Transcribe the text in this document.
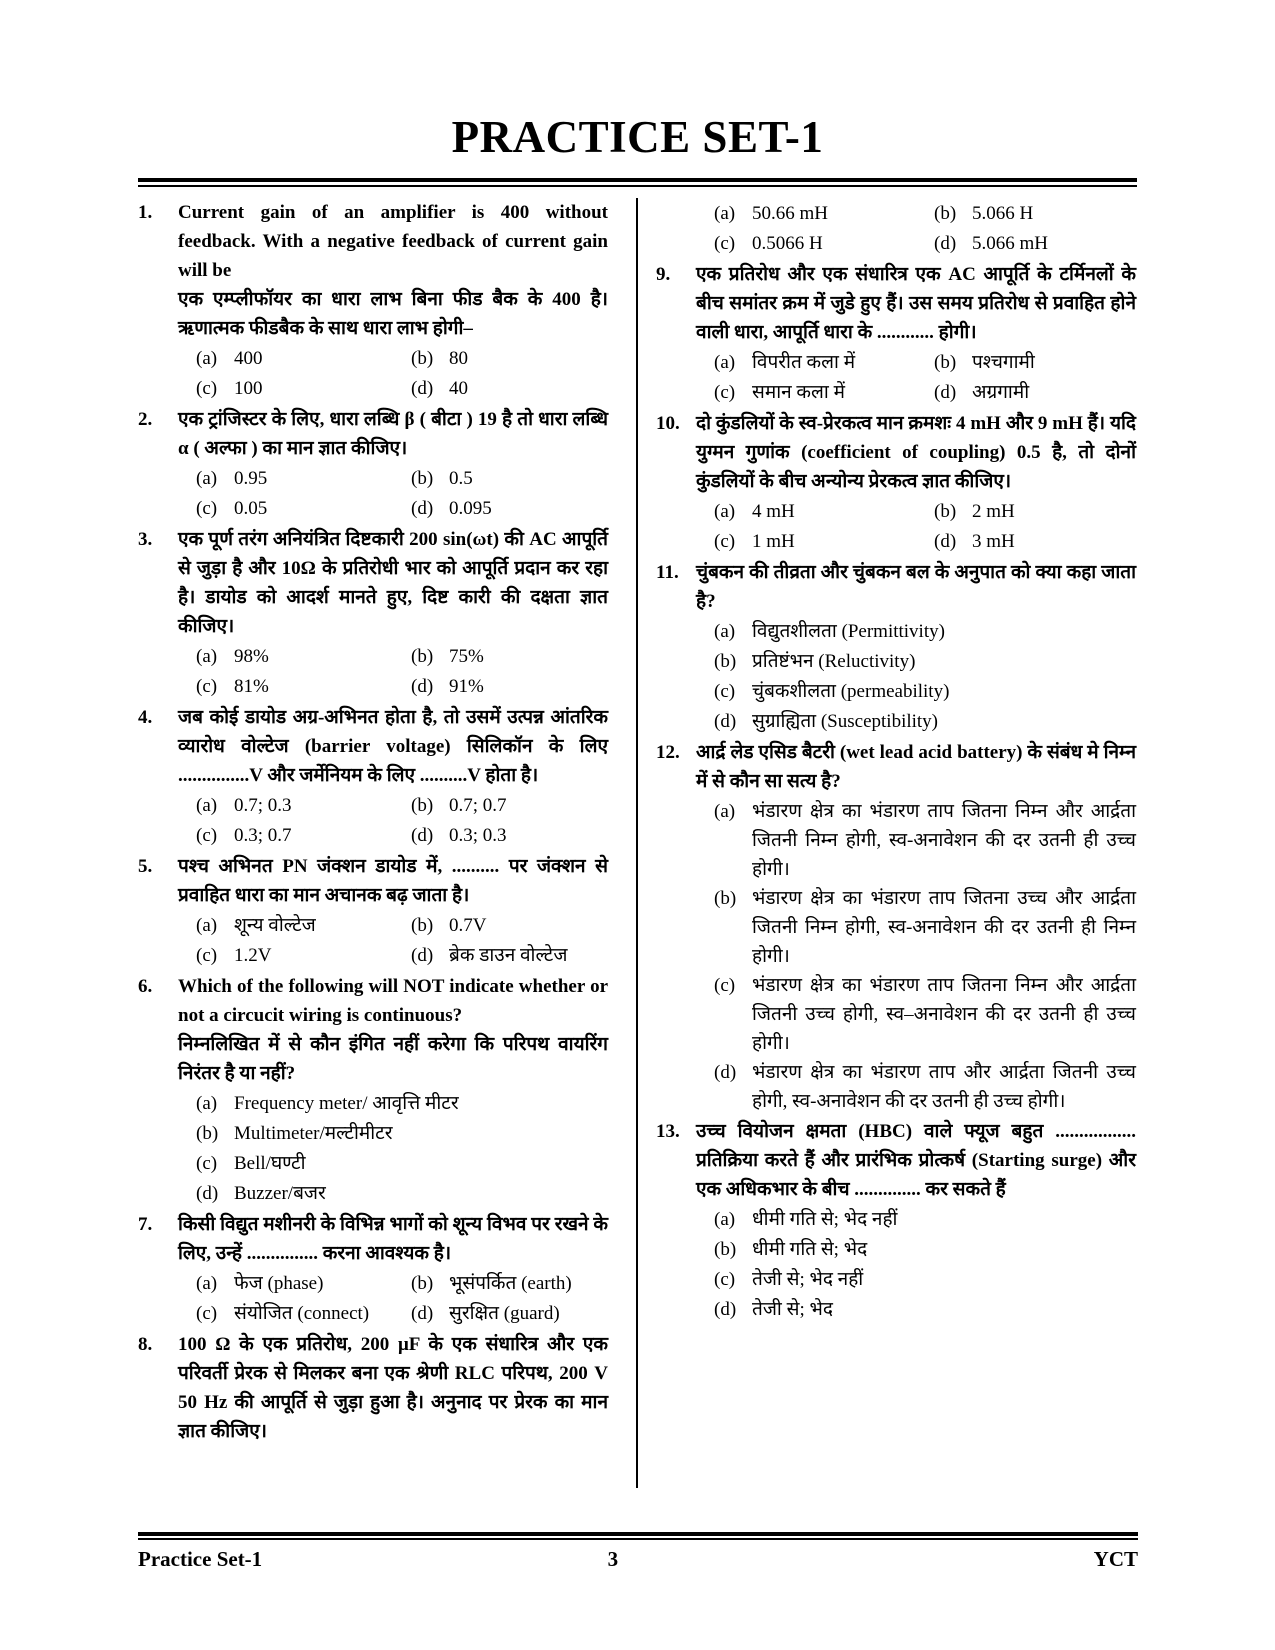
PRACTICE SET-1
1.	Current gain of an amplifier is 400 without feedback. With a negative feedback of current gain will be

एक एम्प्लीफॉयर का धारा लाभ बिना फीड बैक के 400 है। ऋणात्मक फीडबैक के साथ धारा लाभ होगी–

(a) 400	(b) 80
(c) 100	(d) 40
2.	एक ट्रांजिस्टर के लिए, धारा लब्धि β ( बीटा ) 19 है तो धारा लब्धि α ( अल्फा ) का मान ज्ञात कीजिए।

(a) 0.95	(b) 0.5
(c) 0.05	(d) 0.095
3.	एक पूर्ण तरंग अनियंत्रित दिष्टकारी 200 sin(ωt) की AC आपूर्ति से जुड़ा है और 10Ω के प्रतिरोधी भार को आपूर्ति प्रदान कर रहा है। डायोड को आदर्श मानते हुए, दिष्ट कारी की दक्षता ज्ञात कीजिए।

(a) 98%	(b) 75%
(c) 81%	(d) 91%
4.	जब कोई डायोड अग्र-अभिनत होता है, तो उसमें उत्पन्न आंतरिक व्यारोध वोल्टेज (barrier voltage) सिलिकॉन के लिए ...............V और जर्मेनियम के लिए ..........V होता है।

(a) 0.7; 0.3	(b) 0.7; 0.7
(c) 0.3; 0.7	(d) 0.3; 0.3
5.	पश्च अभिनत PN जंक्शन डायोड में, .......... पर जंक्शन से प्रवाहित धारा का मान अचानक बढ़ जाता है।

(a) शून्य वोल्टेज	(b) 0.7V
(c) 1.2V	(d) ब्रेक डाउन वोल्टेज
6.	Which of the following will NOT indicate whether or not a circucit wiring is continuous?

निम्नलिखित में से कौन इंगित नहीं करेगा कि परिपथ वायरिंग निरंतर है या नहीं?

(a) Frequency meter/ आवृत्ति मीटर
(b) Multimeter/मल्टीमीटर
(c) Bell/घण्टी
(d) Buzzer/बजर
7.	किसी विद्युत मशीनरी के विभिन्न भागों को शून्य विभव पर रखने के लिए, उन्हें ............... करना आवश्यक है।

(a) फेज (phase)	(b) भूसंपर्कित (earth)
(c) संयोजित (connect)	(d) सुरक्षित (guard)
8.	100 Ω के एक प्रतिरोध, 200 μF के एक संधारित्र और एक परिवर्ती प्रेरक से मिलकर बना एक श्रेणी RLC परिपथ, 200 V 50 Hz की आपूर्ति से जुड़ा हुआ है। अनुनाद पर प्रेरक का मान ज्ञात कीजिए।

(a) 50.66 mH	(b) 5.066 H
(c) 0.5066 H	(d) 5.066 mH
9.	एक प्रतिरोध और एक संधारित्र एक AC आपूर्ति के टर्मिनलों के बीच समांतर क्रम में जुडे हुए हैं। उस समय प्रतिरोध से प्रवाहित होने वाली धारा, आपूर्ति धारा के ............ होगी।

(a) विपरीत कला में	(b) पश्चगामी
(c) समान कला में	(d) अग्रगामी
10. दो कुंडलियों के स्व-प्रेरकत्व मान क्रमशः 4 mH और 9 mH हैं। यदि युग्मन गुणांक (coefficient of coupling) 0.5 है, तो दोनों कुंडलियों के बीच अन्योन्य प्रेरकत्व ज्ञात कीजिए।

(a) 4 mH	(b) 2 mH
(c) 1 mH	(d) 3 mH
11. चुंबकन की तीव्रता और चुंबकन बल के अनुपात को क्या कहा जाता है?

(a) विद्युतशीलता (Permittivity)
(b) प्रतिष्टंभन (Reluctivity)
(c) चुंबकशीलता (permeability)
(d) सुग्राह्यिता (Susceptibility)
12. आर्द्र लेड एसिड बैटरी (wet lead acid battery) के संबंध मे निम्न में से कौन सा सत्य है?

(a) भंडारण क्षेत्र का भंडारण ताप जितना निम्न और आर्द्रता जितनी निम्न होगी, स्व-अनावेशन की दर उतनी ही उच्च होगी।
(b) भंडारण क्षेत्र का भंडारण ताप जितना उच्च और आर्द्रता जितनी निम्न होगी, स्व-अनावेशन की दर उतनी ही निम्न होगी।
(c) भंडारण क्षेत्र का भंडारण ताप जितना निम्न और आर्द्रता जितनी उच्च होगी, स्व–अनावेशन की दर उतनी ही उच्च होगी।
(d) भंडारण क्षेत्र का भंडारण ताप और आर्द्रता जितनी उच्च होगी, स्व-अनावेशन की दर उतनी ही उच्च होगी।
13. उच्च वियोजन क्षमता (HBC) वाले फ्यूज बहुत ................. प्रतिक्रिया करते हैं और प्रारंभिक प्रोत्कर्ष (Starting surge) और एक अधिकभार के बीच .............. कर सकते हैं

(a) धीमी गति से; भेद नहीं
(b) धीमी गति से; भेद
(c) तेजी से; भेद नहीं
(d) तेजी से; भेद
Practice Set-1	3	YCT
